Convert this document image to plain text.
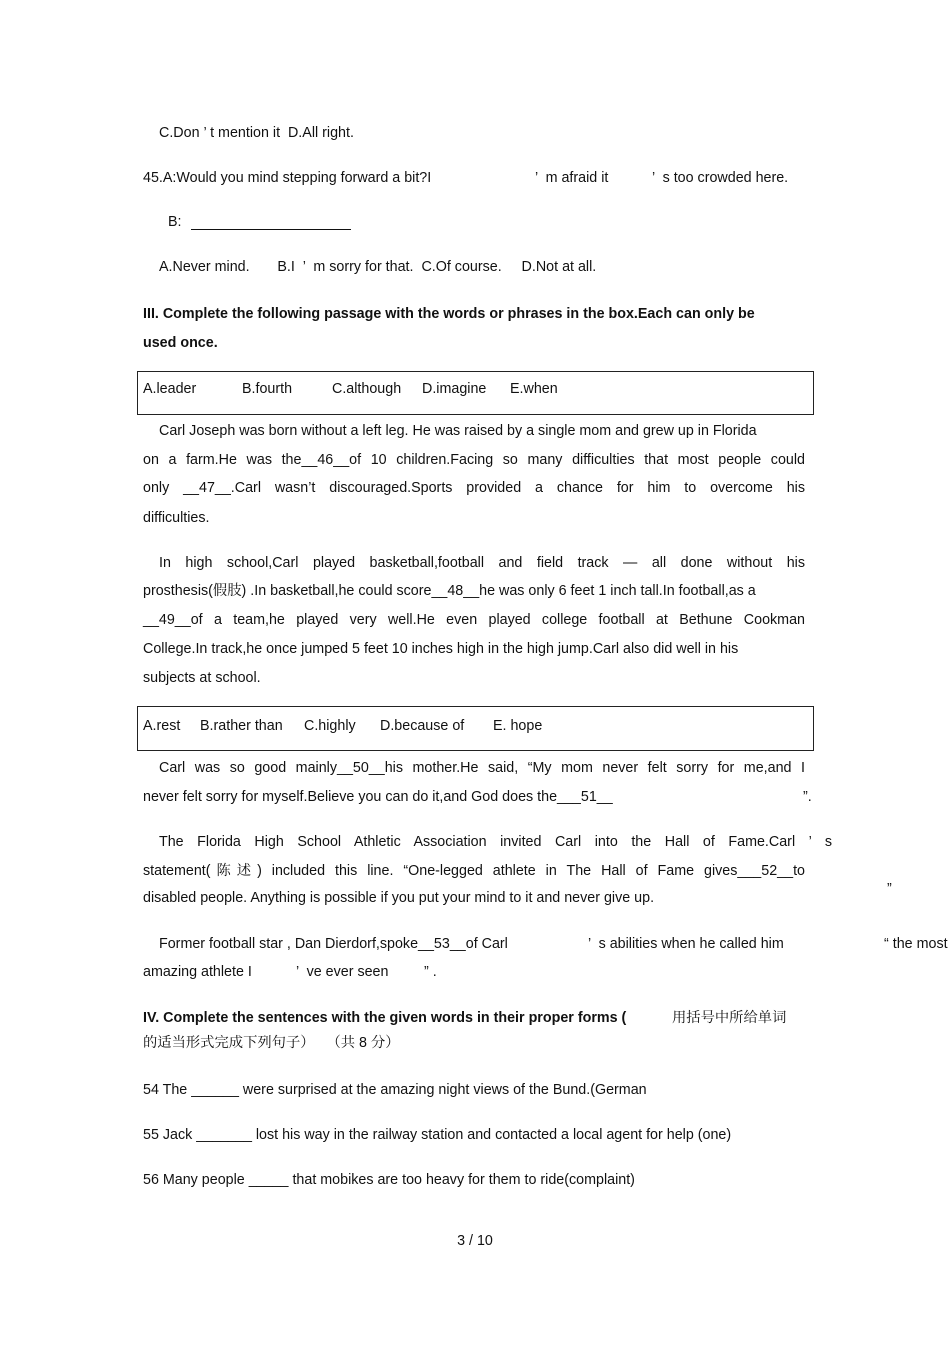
C.Don ’ t mention it  D.All right.
45.A:Would you mind stepping forward a bit?I	’  m afraid it	’  s too crowded here.
B:
A.Never mind.       B.I  ’  m sorry for that.  C.Of course.     D.Not at all.
III. Complete the following passage with the words or phrases in the box.Each can only be
used once.
A.leader	B.fourth	C.although D.imagine E.when
Carl Joseph was born without a left leg. He was raised by a single mom and grew up in Florida
on a farm.He was the__46__of 10 children.Facing so many difficulties that most people could
only __47__.Carl wasn’t discouraged.Sports provided a chance for him to overcome his
difficulties.
In high school,Carl played basketball,football and field track — all done without his
prosthesis(假肢) .In basketball,he could score__48__he was only 6 feet 1 inch tall.In football,as a
__49__of a team,he played very well.He even played college football at Bethune Cookman
College.In track,he once jumped 5 feet 10 inches high in the high jump.Carl also did well in his
subjects at school.
A.rest B.rather than C.highly D.because of E. hope
Carl was so good mainly__50__his mother.He said, “My mom never felt sorry for me,and I
never felt sorry for myself.Believe you can do it,and God does the___51__	”.
The Florida High School Athletic Association invited Carl into the Hall of Fame.Carl ’ s
statement(陈述) included this line. “One-legged athlete in The Hall of Fame gives___52__to
disabled people. Anything is possible if you put your mind to it and never give up.
”
Former football star , Dan Dierdorf,spoke__53__of Carl	’  s abilities when he called him	“ the most
amazing athlete I	’  ve ever seen ” .
IV. Complete the sentences with the given words in their proper forms (	用括号中所给单词
的适当形式完成下列句子）   （共 8 分）
54 The ______ were surprised at the amazing night views of the Bund.(German
55 Jack _______ lost his way in the railway station and contacted a local agent for help (one)
56 Many people _____ that mobikes are too heavy for them to ride(complaint)
3 / 10
